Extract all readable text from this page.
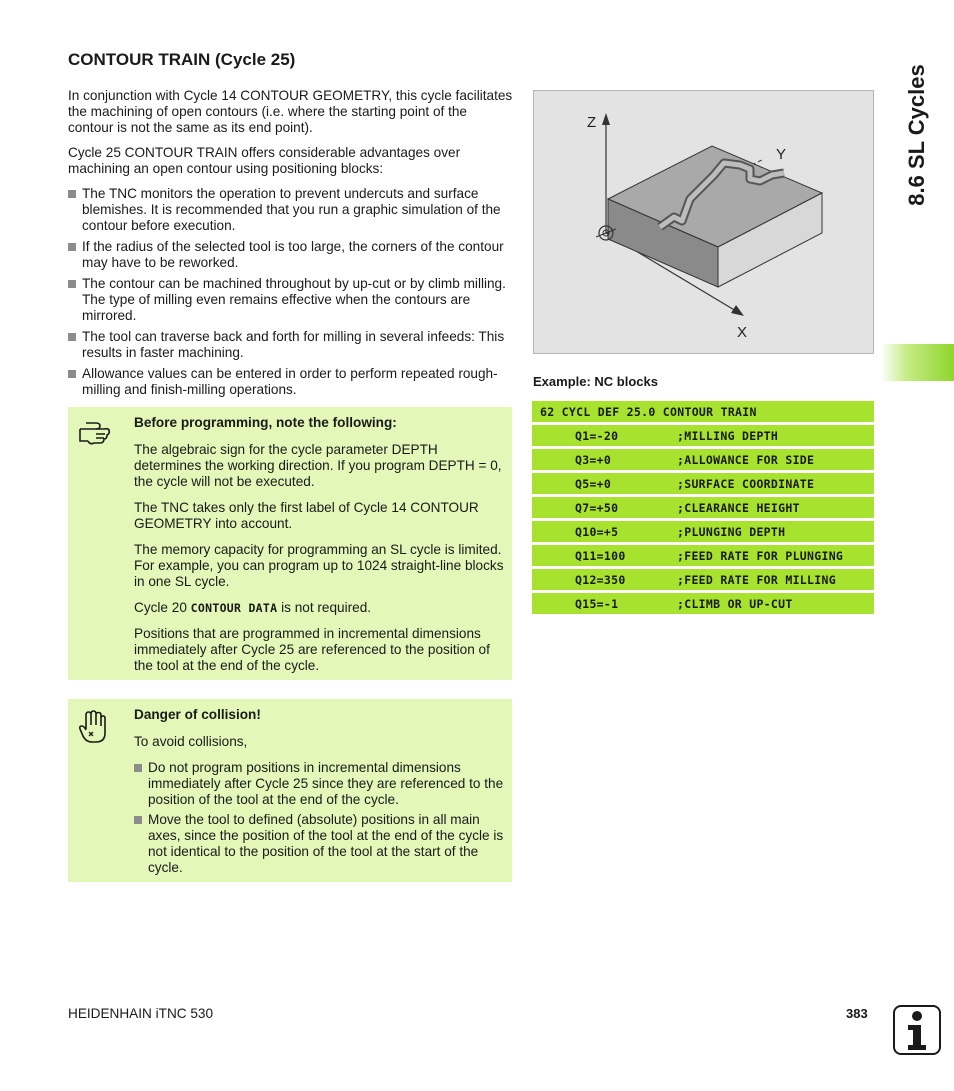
8.6 SL Cycles
CONTOUR TRAIN (Cycle 25)

In conjunction with Cycle 14 CONTOUR GEOMETRY, this cycle facilitates the machining of open contours (i.e. where the starting point of the contour is not the same as its end point).

Cycle 25 CONTOUR TRAIN offers considerable advantages over machining an open contour using positioning blocks:

The TNC monitors the operation to prevent undercuts and surface blemishes. It is recommended that you run a graphic simulation of the contour before execution.
If the radius of the selected tool is too large, the corners of the contour may have to be reworked.
The contour can be machined throughout by up-cut or by climb milling. The type of milling even remains effective when the contours are mirrored.
The tool can traverse back and forth for milling in several infeeds: This results in faster machining.
Allowance values can be entered in order to perform repeated rough-milling and finish-milling operations.

Before programming, note the following:

The algebraic sign for the cycle parameter DEPTH determines the working direction. If you program DEPTH = 0, the cycle will not be executed.

The TNC takes only the first label of Cycle 14 CONTOUR GEOMETRY into account.

The memory capacity for programming an SL cycle is limited. For example, you can program up to 1024 straight-line blocks in one SL cycle.

Cycle 20 CONTOUR DATA is not required.

Positions that are programmed in incremental dimensions immediately after Cycle 25 are referenced to the position of the tool at the end of the cycle.

Danger of collision!

To avoid collisions,

Do not program positions in incremental dimensions immediately after Cycle 25 since they are referenced to the position of the tool at the end of the cycle.
Move the tool to defined (absolute) positions in all main axes, since the position of the tool at the end of the cycle is not identical to the position of the tool at the start of the cycle.
Z
Y
X
Example: NC blocks
62 CYCL DEF 25.0 CONTOUR TRAIN
Q1=-20	;MILLING DEPTH
Q3=+0	;ALLOWANCE FOR SIDE
Q5=+0	;SURFACE COORDINATE
Q7=+50	;CLEARANCE HEIGHT
Q10=+5	;PLUNGING DEPTH
Q11=100	;FEED RATE FOR PLUNGING
Q12=350	;FEED RATE FOR MILLING
Q15=-1	;CLIMB OR UP-CUT
HEIDENHAIN iTNC 530	383
